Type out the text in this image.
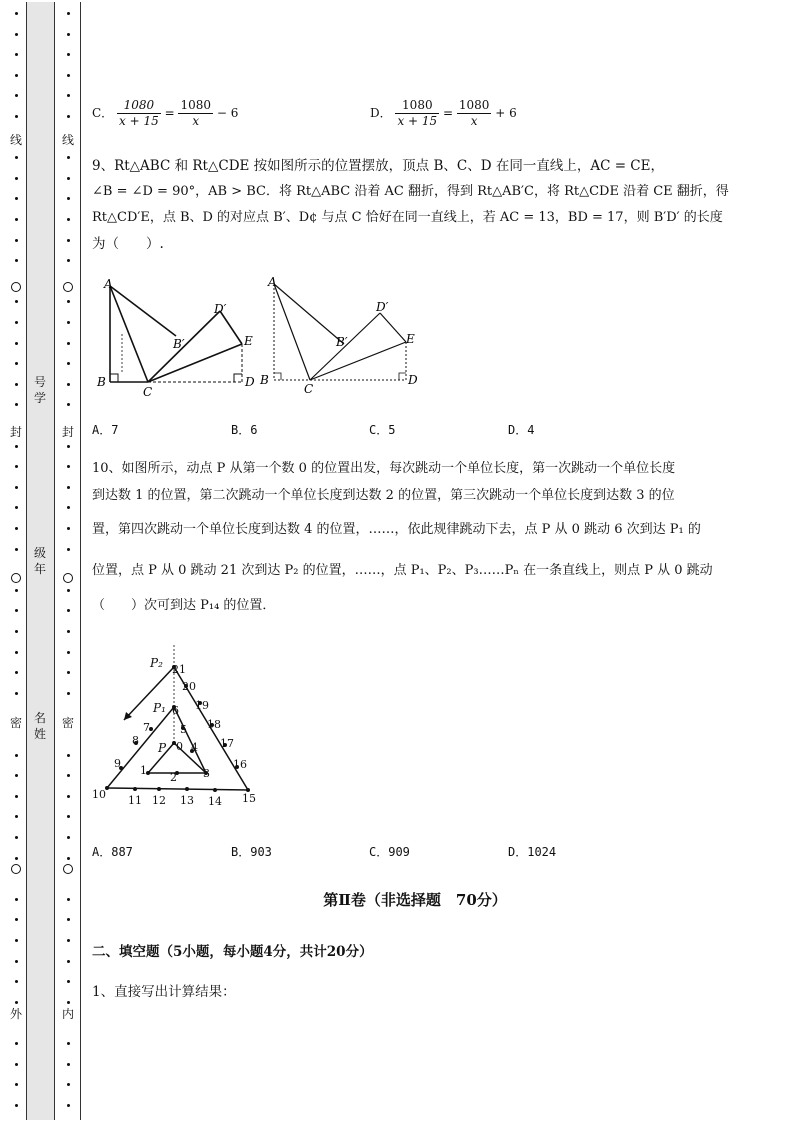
线
封
密
外
线
封
密
内
号
学
级
年
名
姓
C． $\frac{1080}{x + 15} = \frac{1080}{x} - 6$	D． $\frac{1080}{x + 15} = \frac{1080}{x} + 6$
9、Rt△ABC 和 Rt△CDE 按如图所示的位置摆放，顶点 B、C、D 在同一直线上，AC = CE，
∠B = ∠D = 90°，AB > BC．将 Rt△ABC 沿着 AC 翻折，得到 Rt△AB′C，将 Rt△CDE 沿着 CE 翻折，得
Rt△CD′E，点 B、D 的对应点 B′、D¢ 与点 C 恰好在同一直线上，若 AC = 13，BD = 17，则 B′D′ 的长度
为（　　）.
A
B
C
D
E
B′
D′
A
B
C
D
E
B′
D′
A．7	B．6	C．5	D．4
10、如图所示，动点 P 从第一个数 0 的位置出发，每次跳动一个单位长度，第一次跳动一个单位长度
到达数 1 的位置，第二次跳动一个单位长度到达数 2 的位置，第三次跳动一个单位长度到达数 3 的位
置，第四次跳动一个单位长度到达数 4 的位置，……，依此规律跳动下去，点 P 从 0 跳动 6 次到达 P₁ 的
位置，点 P 从 0 跳动 21 次到达 P₂ 的位置，……，点 P₁、P₂、P₃……Pₙ 在一条直线上，则点 P 从 0 跳动
（　　）次可到达 P₁₄ 的位置．
0
1
2 3
4
5
6
7
8
9
10 11 12 13 14 15
16
17
18
19
20
21
P
P₁
P₂
A．887	B．903	C．909	D．1024
第Ⅱ卷（非选择题　70分）
二、填空题（5小题，每小题4分，共计20分）
1、直接写出计算结果：
